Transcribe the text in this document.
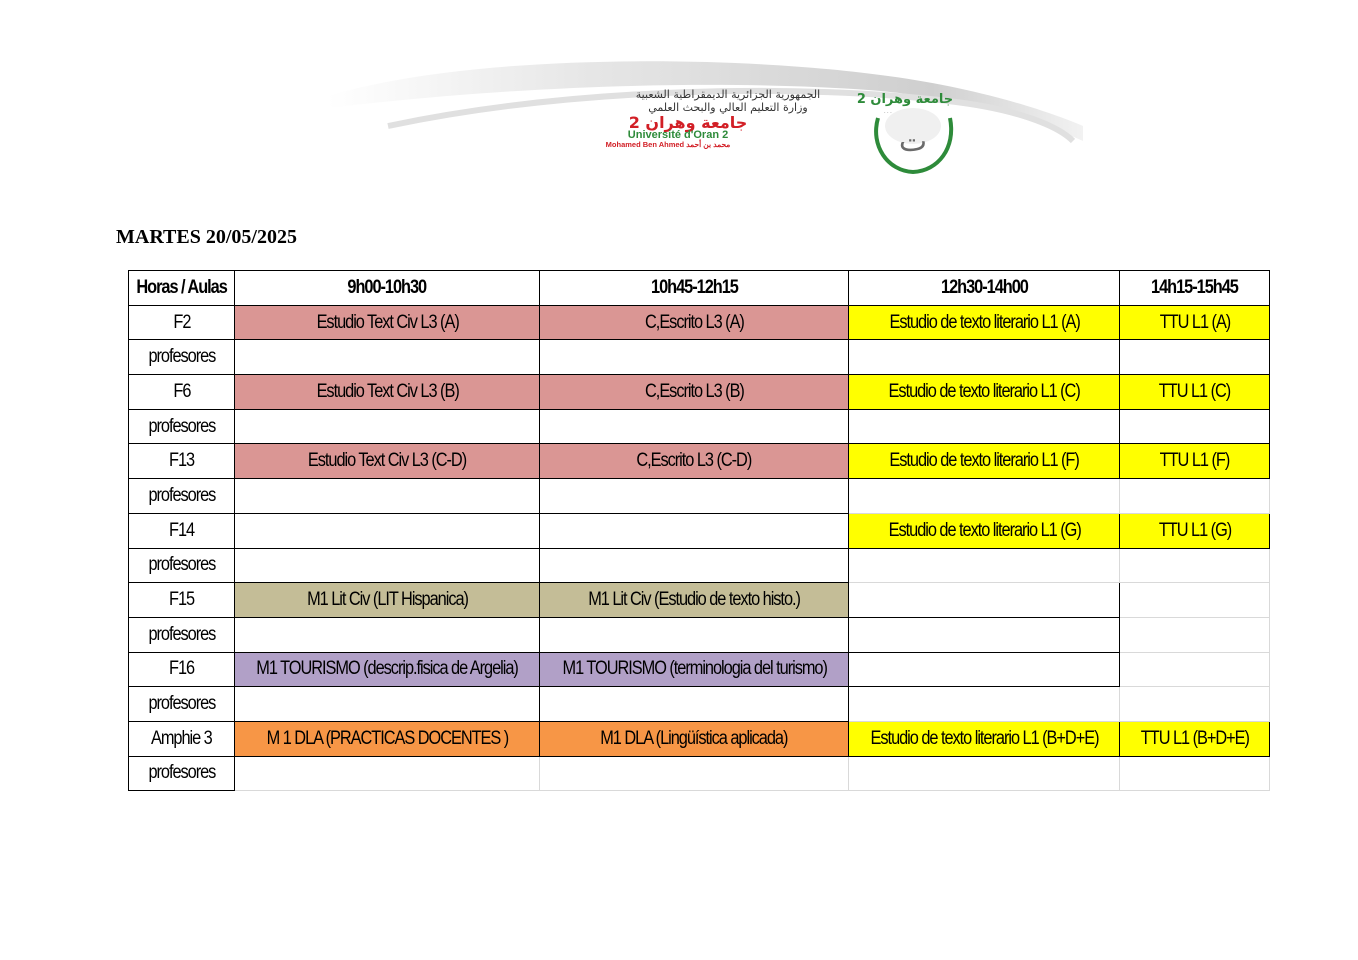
الجمهورية الجزائرية الديمقراطية الشعبية
وزارة التعليم العالي والبحث العلمي
جامعة وهران 2
Université d'Oran 2
Mohamed Ben Ahmed محمد بن أحمد
جامعة وهران 2
ت
· · ·
MARTES 20/05/2025
Horas / Aulas	9h00-10h30	10h45-12h15	12h30-14h00	14h15-15h45
F2	Estudio Text Civ L3 (A)	C,Escrito L3 (A)	Estudio de texto literario L1 (A)	TTU L1 (A)
profesores				
F6	Estudio Text Civ L3 (B)	C,Escrito L3 (B)	Estudio de texto literario L1 (C)	TTU L1 (C)
profesores				
F13	Estudio Text Civ L3 (C-D)	C,Escrito L3 (C-D)	Estudio de texto literario L1 (F)	TTU L1 (F)
profesores				
F14			Estudio de texto literario L1 (G)	TTU L1 (G)
profesores				
F15	M1 Lit Civ (LIT Hispanica)	M1 Lit Civ (Estudio de texto histo.)		
profesores				
F16	M1 TOURISMO (descrip.fisica de Argelia)	M1 TOURISMO (terminologia del turismo)		
profesores				
Amphie 3	M 1 DLA (PRACTICAS DOCENTES )	M1 DLA (Lingüística aplicada)	Estudio de texto literario L1 (B+D+E)	TTU L1 (B+D+E)
profesores				
